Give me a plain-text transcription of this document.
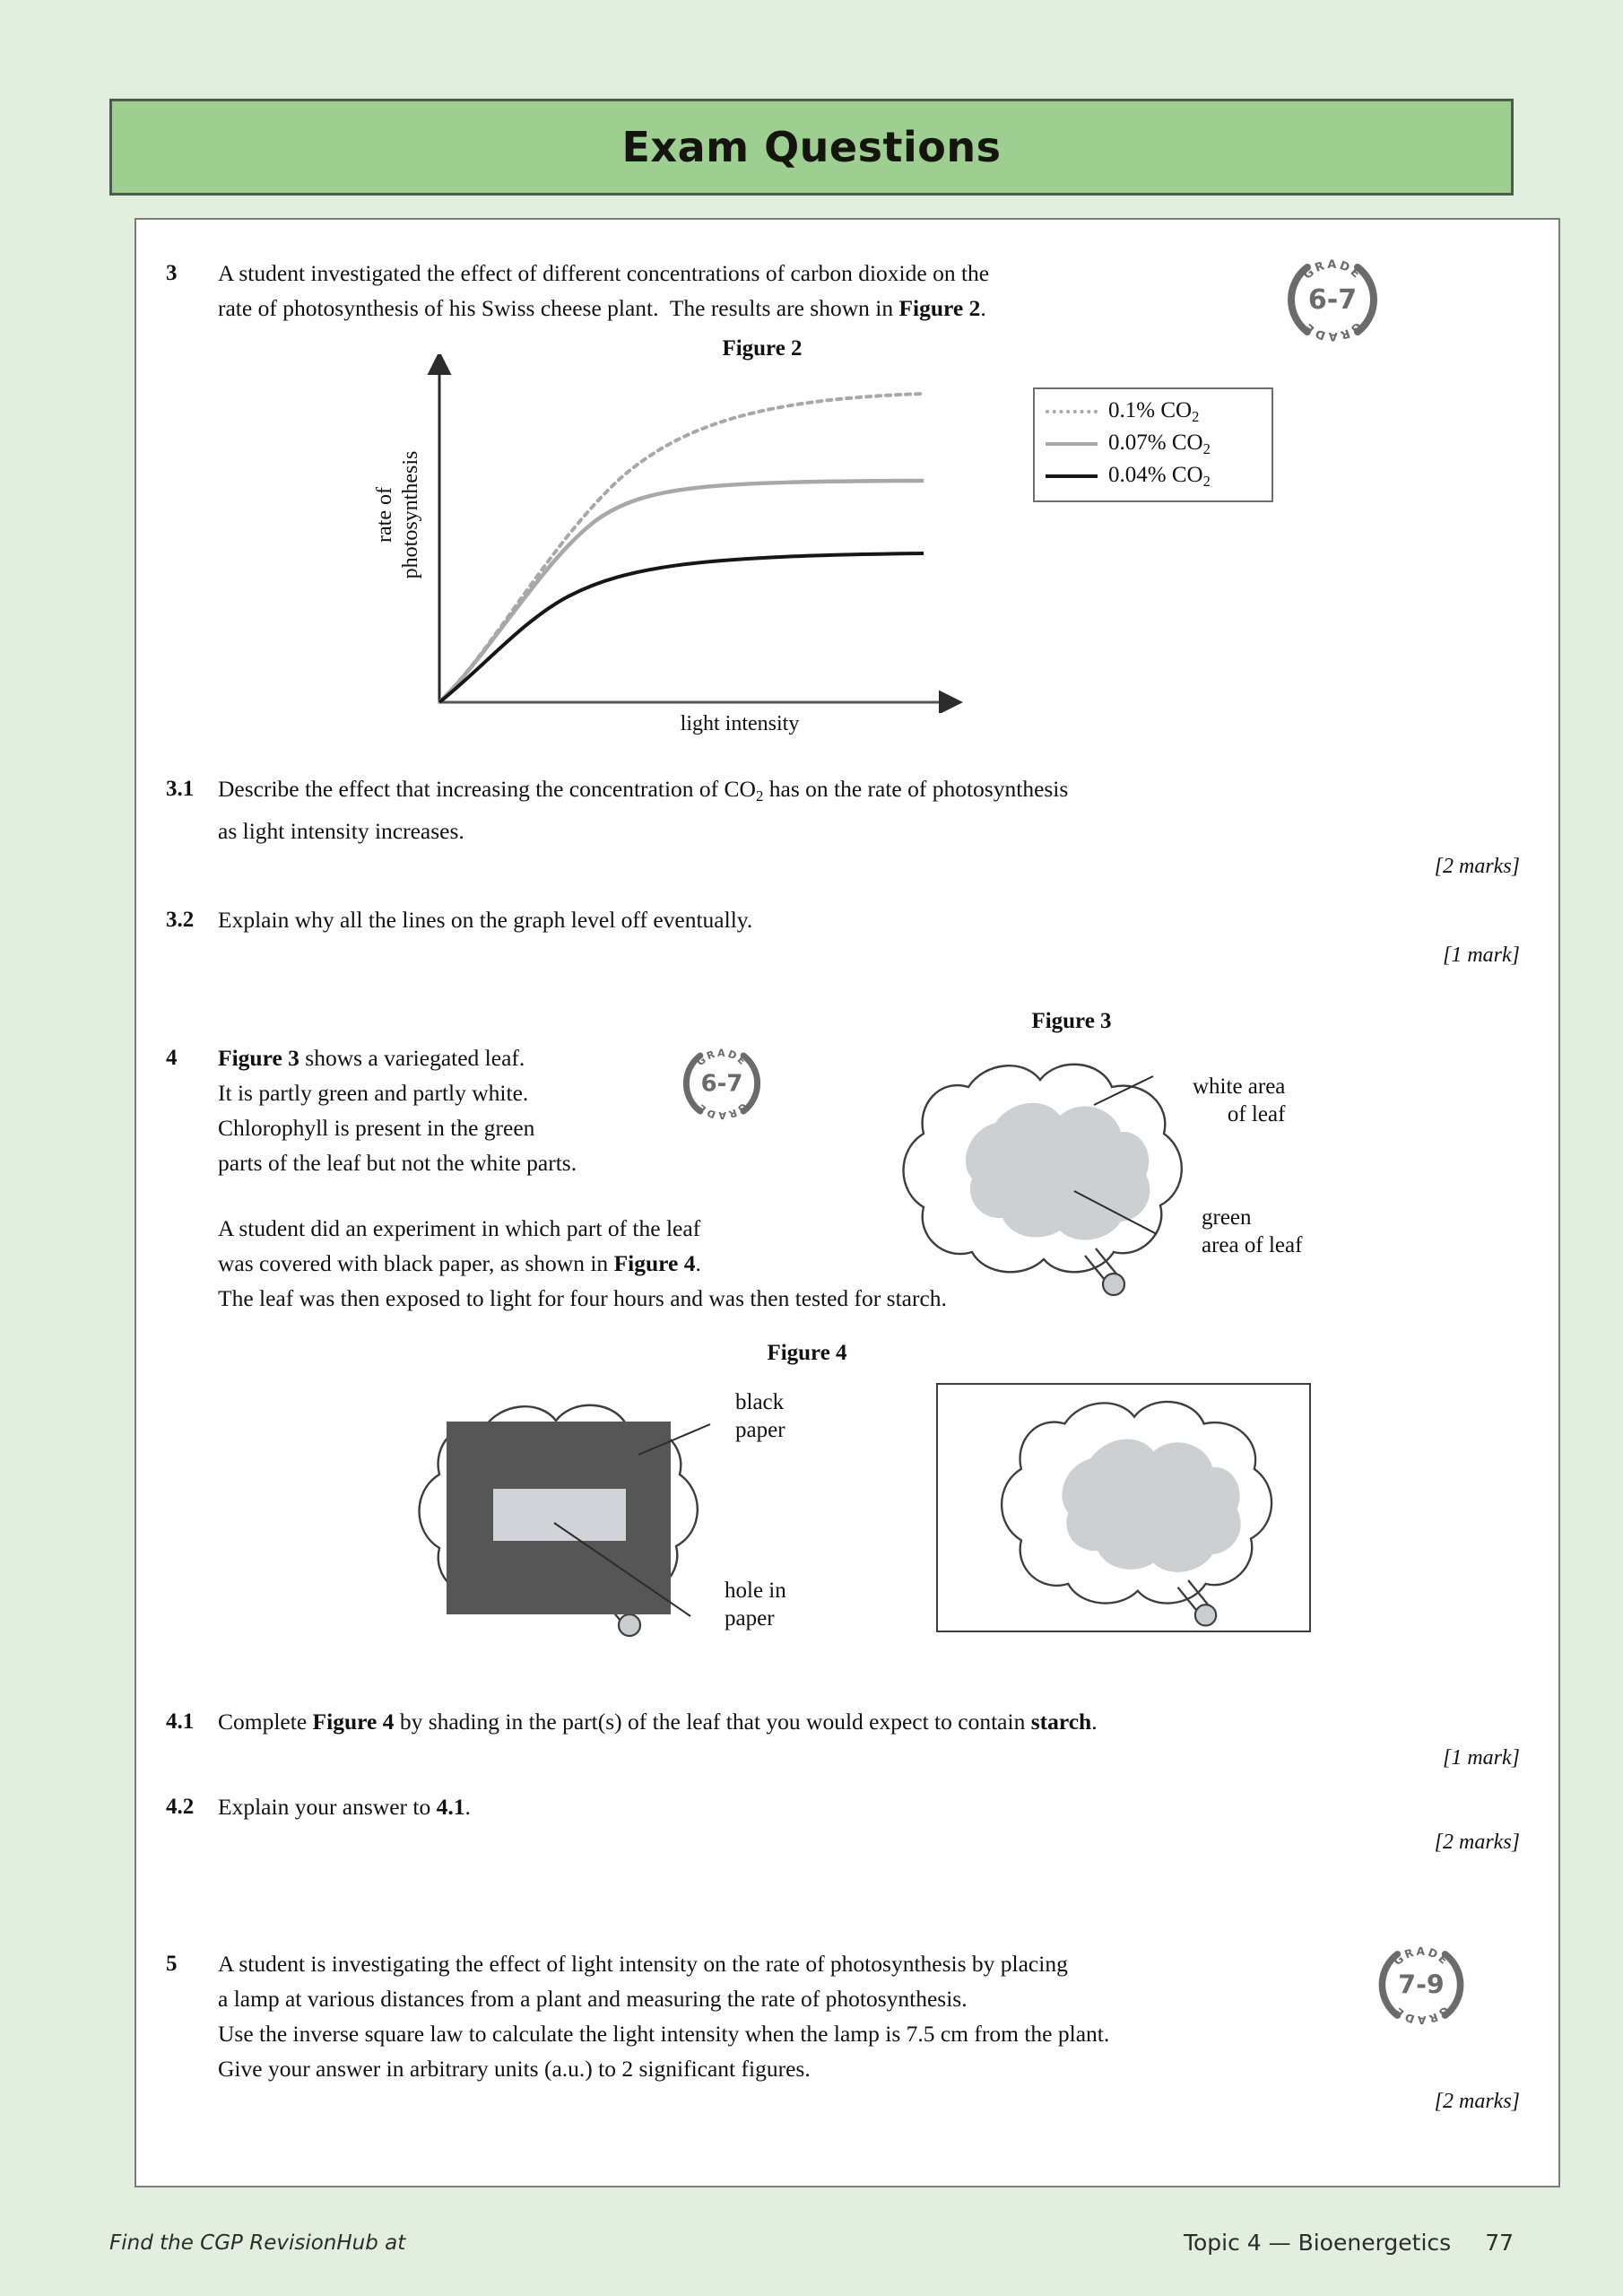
Exam Questions
3	A student investigated the effect of different concentrations of carbon dioxide on the
rate of photosynthesis of his Swiss cheese plant.  The results are shown in Figure 2.
GRADE
GRADE
6-7
Figure 2
rate of photosynthesis
light intensity
0.1% $CO_2$
0.07% $CO_2$
0.04% $CO_2$
3.1	Describe the effect that increasing the concentration of $CO_2$ has on the rate of photosynthesis
as light intensity increases.
[2 marks]
3.2	Explain why all the lines on the graph level off eventually.
[1 mark]
Figure 3
4	Figure 3 shows a variegated leaf.
It is partly green and partly white.
Chlorophyll is present in the green
parts of the leaf but not the white parts.
GRADE
GRADE
6-7	white area
of leaf
green
area of leaf
A student did an experiment in which part of the leaf
was covered with black paper, as shown in Figure 4.
The leaf was then exposed to light for four hours and was then tested for starch.
Figure 4
black
paper
hole in
paper
4.1	Complete Figure 4 by shading in the part(s) of the leaf that you would expect to contain starch.
[1 mark]
4.2	Explain your answer to 4.1.
[2 marks]
5	A student is investigating the effect of light intensity on the rate of photosynthesis by placing
a lamp at various distances from a plant and measuring the rate of photosynthesis.
Use the inverse square law to calculate the light intensity when the lamp is 7.5 cm from the plant.
Give your answer in arbitrary units (a.u.) to 2 significant figures.
GRADE
GRADE
7-9
[2 marks]
Find the CGP RevisionHub at	Topic 4 — Bioenergetics 77
